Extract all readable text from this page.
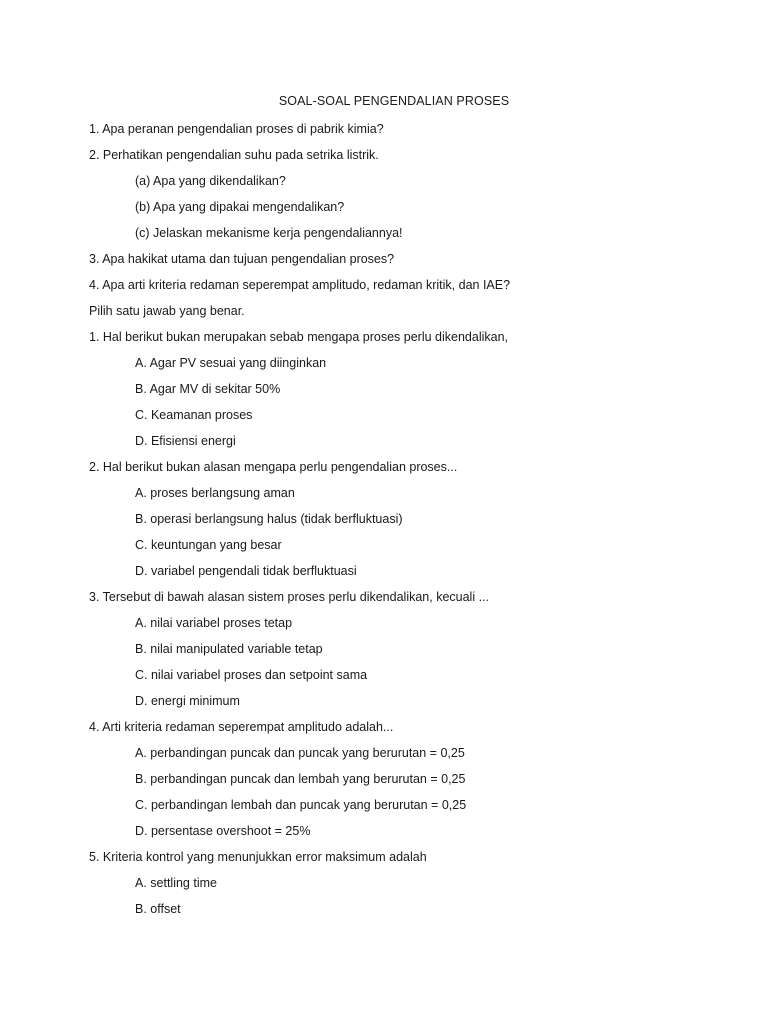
SOAL-SOAL PENGENDALIAN PROSES
1. Apa peranan pengendalian proses di pabrik kimia?
2. Perhatikan pengendalian suhu pada setrika listrik.
(a) Apa yang dikendalikan?
(b) Apa yang dipakai mengendalikan?
(c) Jelaskan mekanisme kerja pengendaliannya!
3. Apa hakikat utama dan tujuan pengendalian proses?
4. Apa arti kriteria redaman seperempat amplitudo, redaman kritik, dan IAE?
Pilih satu jawab yang benar.
1. Hal berikut bukan merupakan sebab mengapa proses perlu dikendalikan,
A. Agar PV sesuai yang diinginkan
B. Agar MV di sekitar 50%
C. Keamanan proses
D. Efisiensi energi
2. Hal berikut bukan alasan mengapa perlu pengendalian proses...
A. proses berlangsung aman
B. operasi berlangsung halus (tidak berfluktuasi)
C. keuntungan yang besar
D. variabel pengendali tidak berfluktuasi
3. Tersebut di bawah alasan sistem proses perlu dikendalikan, kecuali ...
A. nilai variabel proses tetap
B. nilai manipulated variable tetap
C. nilai variabel proses dan setpoint sama
D. energi minimum
4. Arti kriteria redaman seperempat amplitudo adalah...
A. perbandingan puncak dan puncak yang berurutan = 0,25
B. perbandingan puncak dan lembah yang berurutan = 0,25
C. perbandingan lembah dan puncak yang berurutan = 0,25
D. persentase overshoot = 25%
5. Kriteria kontrol yang menunjukkan error maksimum adalah
A. settling time
B. offset
